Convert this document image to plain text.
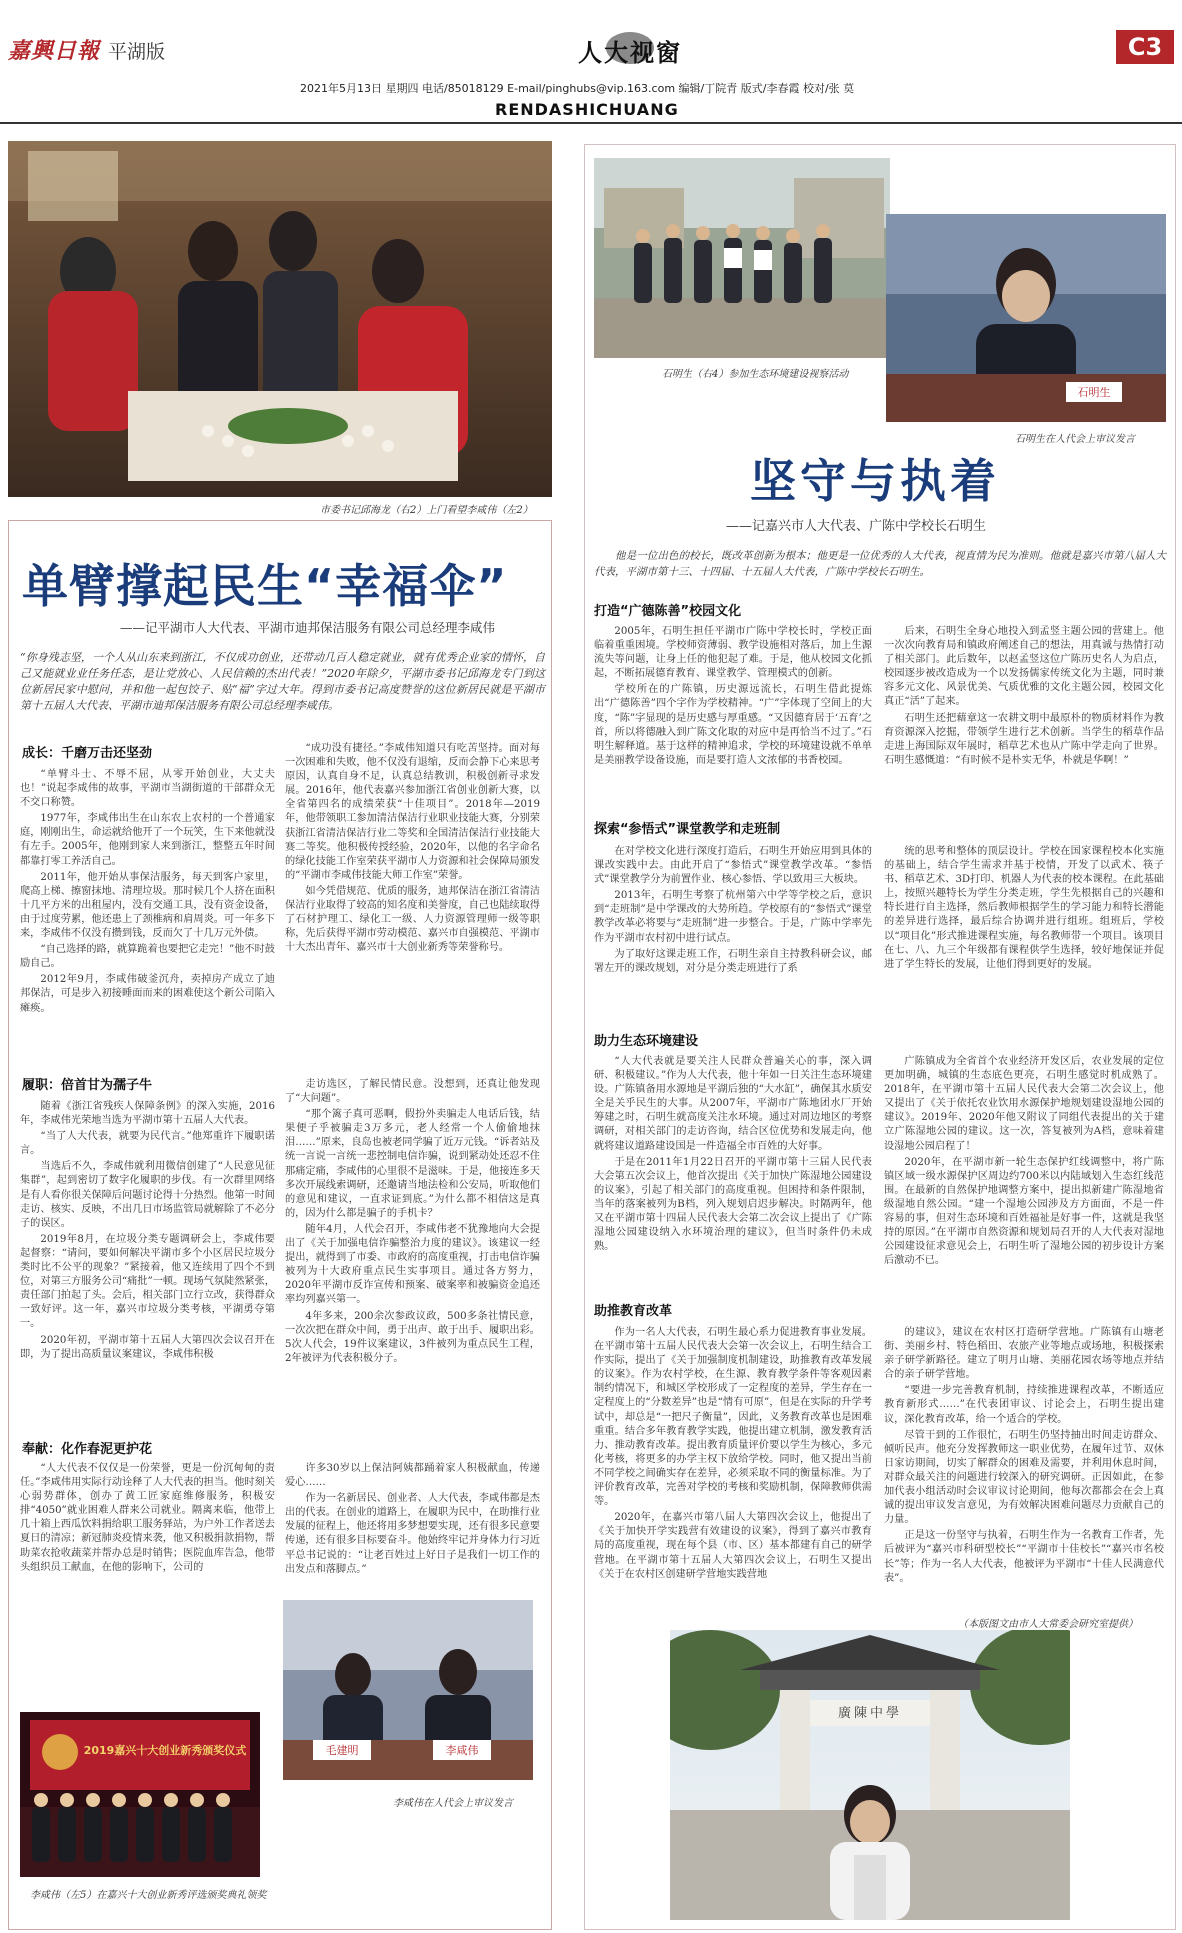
嘉興日報 平湖版	人大视窗	C3
2021年5月13日 星期四 电话/85018129 E-mail/pinghubs@vip.163.com 编辑/丁院青 版式/李春霞 校对/张 莫
RENDASHICHUANG
市委书记邱海龙（右2）上门看望李咸伟（左2）
单臂撑起民生“幸福伞”
——记平湖市人大代表、平湖市迪邦保洁服务有限公司总经理李咸伟
“你身残志坚，一个人从山东来到浙江，不仅成功创业，还带动几百人稳定就业，就有优秀企业家的情怀，自己又能就业业任务任态，是让党放心、人民信赖的杰出代表！”2020年除夕，平湖市委书记邱海龙专门到这位新居民家中慰问，并和他一起包饺子、贴“福”字过大年。得到市委书记高度赞誉的这位新居民就是平湖市第十五届人大代表、平湖市迪邦保洁服务有限公司总经理李咸伟。
成长：千磨万击还坚劲

“单臂斗士、不辱不屈，从零开始创业，大丈夫也！”说起李咸伟的故事，平湖市当湖街道的干部群众无不交口称赞。

1977年，李咸伟出生在山东农上农村的一个普通家庭，刚刚出生，命运就给他开了一个玩笑，生下来他就没有左手。2005年，他刚到家人来到浙江，整整五年时间都靠打零工养活自己。

2011年，他开始从事保洁服务，每天到客户家里，爬高上梯、擦窗抹地、清理垃圾。那时候几个人挤在面积十几平方米的出租屋内，没有交通工具，没有资金设备，由于过度劳累，他还患上了颈椎病和肩周炎。可一年多下来，李咸伟不仅没有攒到钱，反而欠了十几万元外债。

“自己选择的路，就算跪着也要把它走完！”他不时鼓励自己。

2012年9月，李咸伟破釜沉舟，卖掉房产成立了迪邦保洁，可是步入初接睡面而来的困难使这个新公司陷入瘫痪。

“成功没有捷径。”李咸伟知道只有吃苦坚持。面对每一次困难和失败，他不仅没有退缩，反而会静下心来思考原因，认真自身不足，认真总结教训，积极创新寻求发展。2016年，他代表嘉兴参加浙江省创业创新大赛，以全省第四名的成绩荣获“十佳项目”。2018年—2019年，他带领职工参加清洁保洁行业职业技能大赛，分别荣获浙江省清洁保洁行业二等奖和全国清洁保洁行业技能大赛二等奖。他积极传授经验，2020年，以他的名字命名的绿化技能工作室荣获平湖市人力资源和社会保障局颁发的“平湖市李咸伟技能大师工作室”荣誉。

如今凭借规范、优质的服务，迪邦保洁在浙江省清洁保洁行业取得了较高的知名度和美誉度，自己也陆续取得了石材护理工、绿化工一级、人力资源管理师一级等职称，先后获得平湖市劳动模范、嘉兴市自强模范、平湖市十大杰出青年、嘉兴市十大创业新秀等荣誉称号。

履职：倍首甘为孺子牛

随着《浙江省残疾人保障条例》的深入实施，2016年，李咸伟光荣地当选为平湖市第十五届人大代表。

“当了人大代表，就要为民代言。”他郑重许下履职诺言。

当选后不久，李咸伟就利用微信创建了“人民意见征集群”，起到密切了数字化履职的步伐。有一次群里网络是有人看你很关保障后问题讨论得十分热烈。他第一时间走访、核实、反映，不出几日市场监管局就解除了不必分子的误区。

2019年8月，在垃圾分类专题调研会上，李咸伟要起督察：“请问，要如何解决平湖市多个小区居民垃圾分类时比不公平的现象？”紧接着，他又连续用了四个不到位，对第三方服务公司“痛批”一顿。现场气氛陡然紧张，责任部门拍起了头。会后，相关部门立行立改，获得群众一致好评。这一年，嘉兴市垃圾分类考核，平湖勇夺第一。

2020年初，平湖市第十五届人大第四次会议召开在即，为了提出高质量议案建议，李咸伟积极

走访选区，了解民情民意。没想到，还真让他发现了“大问题”。

“那个篱子真可恶啊，假扮外卖骗走人电话后钱，结果便子乎被骗走3万多元，老人经常一个人偷偷地抹泪……”原来，良岛也被老同学骗了近万元钱。“诉者站及统一言说一言统一悲控制电信诈骗，说到紧动处还忍不住那痛定痛，李咸伟的心里很不是滋味。于是，他接连多天多次开展线索调研，还邀请当地法检和公安局，听取他们的意见和建议，一直求证到底。”为什么都不相信这是真的，因为什么都是骗子的手机卡？

随年4月，人代会召开，李咸伟老不犹豫地向大会提出了《关于加强电信诈骗整治力度的建议》。该建议一经提出，就得到了市委、市政府的高度重视，打击电信诈骗被列为十大政府重点民生实事项目。通过各方努力，2020年平湖市反诈宣传和预案、破案率和被骗资金追还率均列嘉兴第一。

4年多来，200余次参政议政，500多条社情民意，一次次把在群众中间，勇于出声、敢于出手、履职出彩。5次人代会，19件议案建议，3件被列为重点民生工程，2年被评为代表积极分子。

奉献：化作春泥更护花

“人大代表不仅仅是一份荣誉，更是一份沉甸甸的责任。”李咸伟用实际行动诠释了人大代表的担当。他时刻关心弱势群体，创办了黄工匠家庭维修服务，积极安排“4050”就业困难人群来公司就业。隔离来临，他带上几十箱上西瓜饮料捐给职工服务驿站，为户外工作者送去夏日的清凉；新冠肺炎疫情来袭，他又积极捐款捐物，帮助菜农抢收蔬菜并帮办总是时销售；医院血库告急，他带头组织员工献血，在他的影响下，公司的

许多30岁以上保洁阿姨都踊着家人积极献血，传递爱心……

作为一名新居民、创业者、人大代表，李咸伟都是杰出的代表。在创业的道路上，在履职为民中，在助推行业发展的征程上，他还将用多梦想要实现，还有很多民意要传递，还有很多目标要奋斗。他始终牢记并身体力行习近平总书记说的：“让老百姓过上好日子是我们一切工作的出发点和落脚点。”

毛建明	李咸伟
李咸伟在人代会上审议发言
2019嘉兴十大创业新秀颁奖仪式
李咸伟（左5）在嘉兴十大创业新秀评选颁奖典礼领奖
石明生（右4）参加生态环境建设视察活动
石明生
石明生在人代会上审议发言
坚守与执着
——记嘉兴市人大代表、广陈中学校长石明生
他是一位出色的校长，既改革创新为根本；他更是一位优秀的人大代表，视直情为民为准则。他就是嘉兴市第八届人大代表，平湖市第十三、十四届、十五届人大代表，广陈中学校长石明生。
打造“广德陈善”校园文化

2005年，石明生担任平湖市广陈中学校长时，学校正面临着重重困境。学校师资薄弱、教学设施相对落后，加上生源流失等问题，让身上任的他犯起了难。于是，他从校园文化抓起，不断拓展德育教育、课堂教学、管理模式的创新。

学校所在的广陈镇，历史源远流长，石明生借此提炼出“广德陈善”四个字作为学校精神。“广”字体现了空间上的大度，“陈”字显现的是历史感与厚重感。“又因德育居于‘五育’之首，所以将德融入到广陈文化取的对应中是再恰当不过了。”石明生解释道。基于这样的精神追求，学校的环境建设就不单单是美丽教学设备设施，而是要打造人文浓郁的书香校园。

后来，石明生全身心地投入到孟竖主题公园的营建上。他一次次向教育局和镇政府阐述自己的想法，用真诚与热情打动了相关部门。此后数年，以赵孟竖这位广陈历史名人为启点，校园逐步被改造成为一个以发扬儒家传统文化为主题，同时兼容多元文化、风景优美、气质优雅的文化主题公园，校园文化真正“活”了起来。

石明生还把藉章这一农耕文明中最原朴的物质材料作为教育资源深入挖掘，带领学生进行艺术创新。当学生的稻草作品走进上海国际双年展时，稻草艺术也从广陈中学走向了世界。石明生感慨道：“有时候不是朴实无华，朴就是华啊！”

探索“参悟式”课堂教学和走班制

在对学校文化进行深度打造后，石明生开始应用到具体的课改实践中去。由此开启了“参悟式”课堂教学改革。“参悟式”课堂教学分为前置作业、核心参悟、学以致用三大板块。

2013年，石明生考察了杭州第六中学等学校之后，意识到“走班制”是中学课改的大势所趋。学校原有的“参悟式”课堂教学改革必将要与“走班制”进一步整合。于是，广陈中学率先作为平湖市农村初中进行试点。

为了取好这课走班工作，石明生亲自主持教科研会议，邮署左开的课改规划，对分是分类走班进行了系

统的思考和整体的顶层设计。学校在国家课程校本化实施的基础上，结合学生需求并基于校情，开发了以武术、筷子书、稻草艺术、3D打印、机器人为代表的校本课程。在此基础上，按照兴趣特长为学生分类走班，学生先根据自己的兴趣和特长进行自主选择，然后教师根据学生的学习能力和特长潜能的差异进行选择，最后综合协调并进行组班。组班后，学校以“项目化”形式推进课程实施，每名教师带一个项目。该项目在七、八、九三个年级都有课程供学生选择，较好地保证并促进了学生特长的发展，让他们得到更好的发展。

助力生态环境建设

“人大代表就是要关注人民群众普遍关心的事，深入调研、积极建议。”作为人大代表，他十年如一日关注生态环境建设。广陈镇备用水源地是平湖后独的“大水缸”，确保其水质安全是关乎民生的大事。从2007年，平湖市广陈地团水厂开始筹建之时，石明生就高度关注水环境。通过对周边地区的考察调研，对相关部门的走访咨询，结合区位优势和发展走向，他就将建议道路建设国是一件造福全市百姓的大好事。

于是在2011年1月22日召开的平湖市第十三届人民代表大会第五次会议上，他首次提出《关于加快广陈湿地公园建设的议案》，引起了相关部门的高度重视。但困持和条件限制，当年的落案被列为B档，列入规划启迟步解决。时隔两年，他又在平湖市第十四届人民代表大会第二次会议上提出了《广陈湿地公园建设纳入水环境治理的建议》，但当时条件仍未成熟。

广陈镇成为全省首个农业经济开发区后，农业发展的定位更加明确，城镇的生态底色更亮，石明生感觉时机成熟了。2018年，在平湖市第十五届人民代表大会第二次会议上，他又提出了《关于依托农业饮用水源保护地规划建设湿地公园的建议》。2019年、2020年他又附议了同组代表提出的关于建立广陈湿地公园的建议。这一次，答复被列为A档，意味着建设湿地公园启程了！

2020年，在平湖市新一轮生态保护红线调整中，将广陈镇区域一级水源保护区周边约700米以内陆域划入生态红线范围。在最新的自然保护地调整方案中，提出拟新建广陈湿地省级湿地自然公园。“建一个湿地公园涉及方方面面，不是一件容易的事，但对生态环境和百姓福祉是好事一件，这就是我坚持的原因。”在平湖市自然资源和规划局召开的人大代表对湿地公园建设征求意见会上，石明生听了湿地公园的初步设计方案后激动不已。

助推教育改革

作为一名人大代表，石明生最心系力促进教育事业发展。在平湖市第十五届人民代表大会第一次会议上，石明生结合工作实际，提出了《关于加强制度机制建设，助推教育改革发展的议案》。作为农村学校，在生源、教育教学条件等客观因素制约情况下，和城区学校形成了一定程度的差异，学生存在一定程度上的“分数差异”也是“情有可原”，但是在实际的升学考试中，却总是“一把尺子衡量”，因此，义务教育改革也是困难重重。结合多年教育教学实践，他提出建立机制，激发教育活力、推动教育改革。提出教育质量评价要以学生为核心，多元化考核，将更多的办学主权下放给学校。同时，他又提出当前不同学校之间确实存在差异，必须采取不同的衡量标准。为了评价教育改革，完善对学校的考核和奖励机制，保障教师供需等。

2020年，在嘉兴市第八届人大第四次会议上，他提出了《关于加快开学实践营有效建设的议案》，得到了嘉兴市教育局的高度重视，现在每个县（市、区）基本都建有自己的研学营地。在平湖市第十五届人大第四次会议上，石明生又提出《关于在农村区创建研学营地实践营地

的建议》，建议在农村区打造研学营地。广陈镇有山塘老街、美丽乡村、特色稻田、农旅产业等地点或场地，积极探索亲子研学新路径。建立了明月山塘、美丽花园农场等地点并结合的亲子研学营地。

“要进一步完善教育机制，持续推进课程改革，不断适应教育新形式……”在代表团审议、讨论会上，石明生提出建议，深化教育改革，给一个适合的学校。

尽管干到的工作很忙，石明生仍坚持抽出时间走访群众、倾听民声。他充分发挥教师这一职业优势，在履年过节、双休日家访期间，切实了解群众的困难及需要，并利用休息时间，对群众最关注的问题进行较深入的研究调研。正因如此，在参加代表小组活动时会议审议讨论期间，他每次都都会在会上真诚的提出审议发言意见，为有效解决困难问题尽力贡献自己的力量。

正是这一份坚守与执着，石明生作为一名教育工作者，先后被评为“嘉兴市科研型校长”“平湖市十佳校长”“嘉兴市名校长”等；作为一名人大代表，他被评为平湖市“十佳人民满意代表”。

（本版图文由市人大常委会研究室提供）
廣陳中學
